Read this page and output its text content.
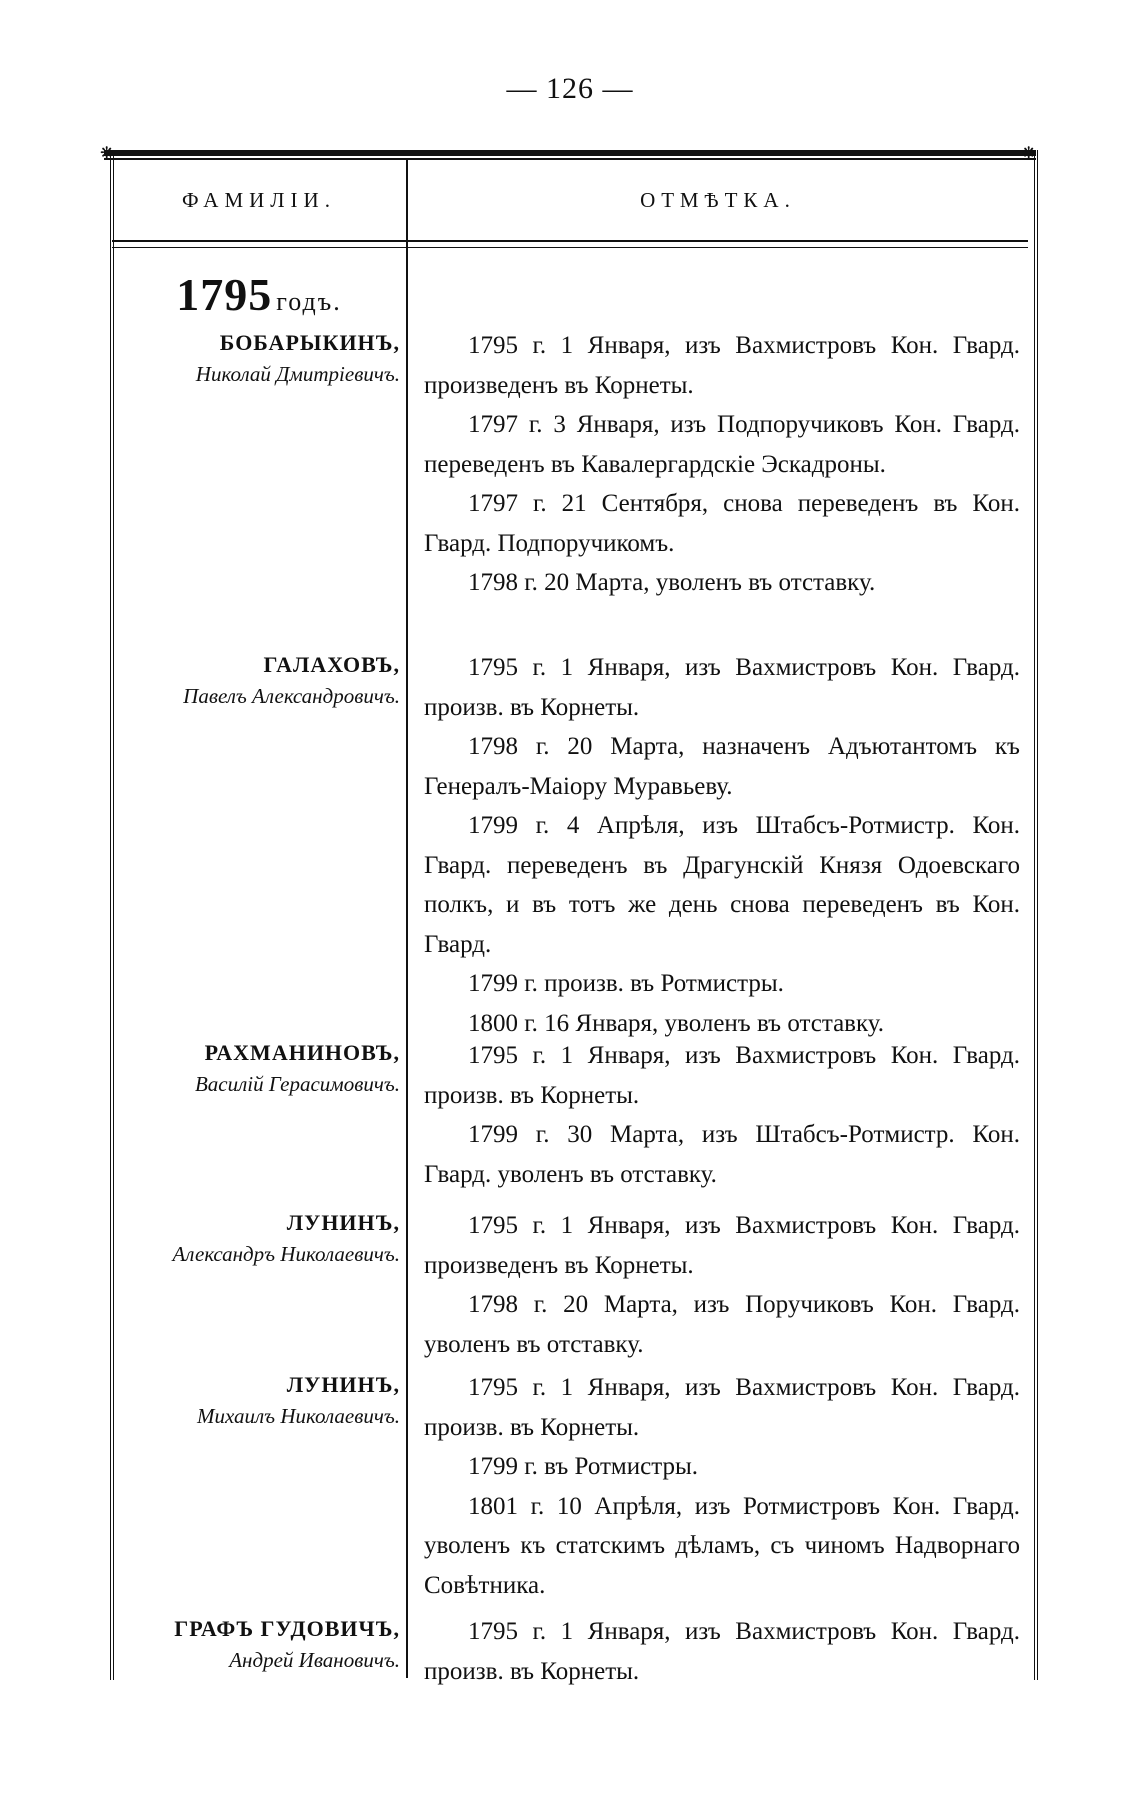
— 126 —
❋	❋
ФАМИЛIИ.	ОТМѢТКА.
1795 годъ.
БОБАРЫКИНЪ,
Николай Дмитрiевичъ.
1795 г. 1 Января, изъ Вахмистровъ Кон. Гвард. произведенъ въ Корнеты.
1797 г. 3 Января, изъ Подпоручиковъ Кон. Гвард. переведенъ въ Кавалергардскiе Эскадроны.
1797 г. 21 Сентября, снова переведенъ въ Кон. Гвард. Подпоручикомъ.
1798 г. 20 Марта, уволенъ въ отставку.
ГАЛАХОВЪ,
Павелъ Александровичъ.
1795 г. 1 Января, изъ Вахмистровъ Кон. Гвард. произв. въ Корнеты.
1798 г. 20 Марта, назначенъ Адъютантомъ къ Генералъ-Маiору Муравьеву.
1799 г. 4 Апрѣля, изъ Штабсъ-Ротмистр. Кон. Гвард. переведенъ въ Драгунскiй Князя Одоевскаго полкъ, и въ тотъ же день снова переведенъ въ Кон. Гвард.
1799 г. произв. въ Ротмистры.
1800 г. 16 Января, уволенъ въ отставку.
РАХМАНИНОВЪ,
Василiй Герасимовичъ.
1795 г. 1 Января, изъ Вахмистровъ Кон. Гвард. произв. въ Корнеты.
1799 г. 30 Марта, изъ Штабсъ-Ротмистр. Кон. Гвард. уволенъ въ отставку.
ЛУНИНЪ,
Александръ Николаевичъ.
1795 г. 1 Января, изъ Вахмистровъ Кон. Гвард. произведенъ въ Корнеты.
1798 г. 20 Марта, изъ Поручиковъ Кон. Гвард. уволенъ въ отставку.
ЛУНИНЪ,
Михаилъ Николаевичъ.
1795 г. 1 Января, изъ Вахмистровъ Кон. Гвард. произв. въ Корнеты.
1799 г. въ Ротмистры.
1801 г. 10 Апрѣля, изъ Ротмистровъ Кон. Гвард. уволенъ къ статскимъ дѣламъ, съ чиномъ Надворнаго Совѣтника.
ГРАФЪ ГУДОВИЧЪ,
Андрей Ивановичъ.
1795 г. 1 Января, изъ Вахмистровъ Кон. Гвард. произв. въ Корнеты.
